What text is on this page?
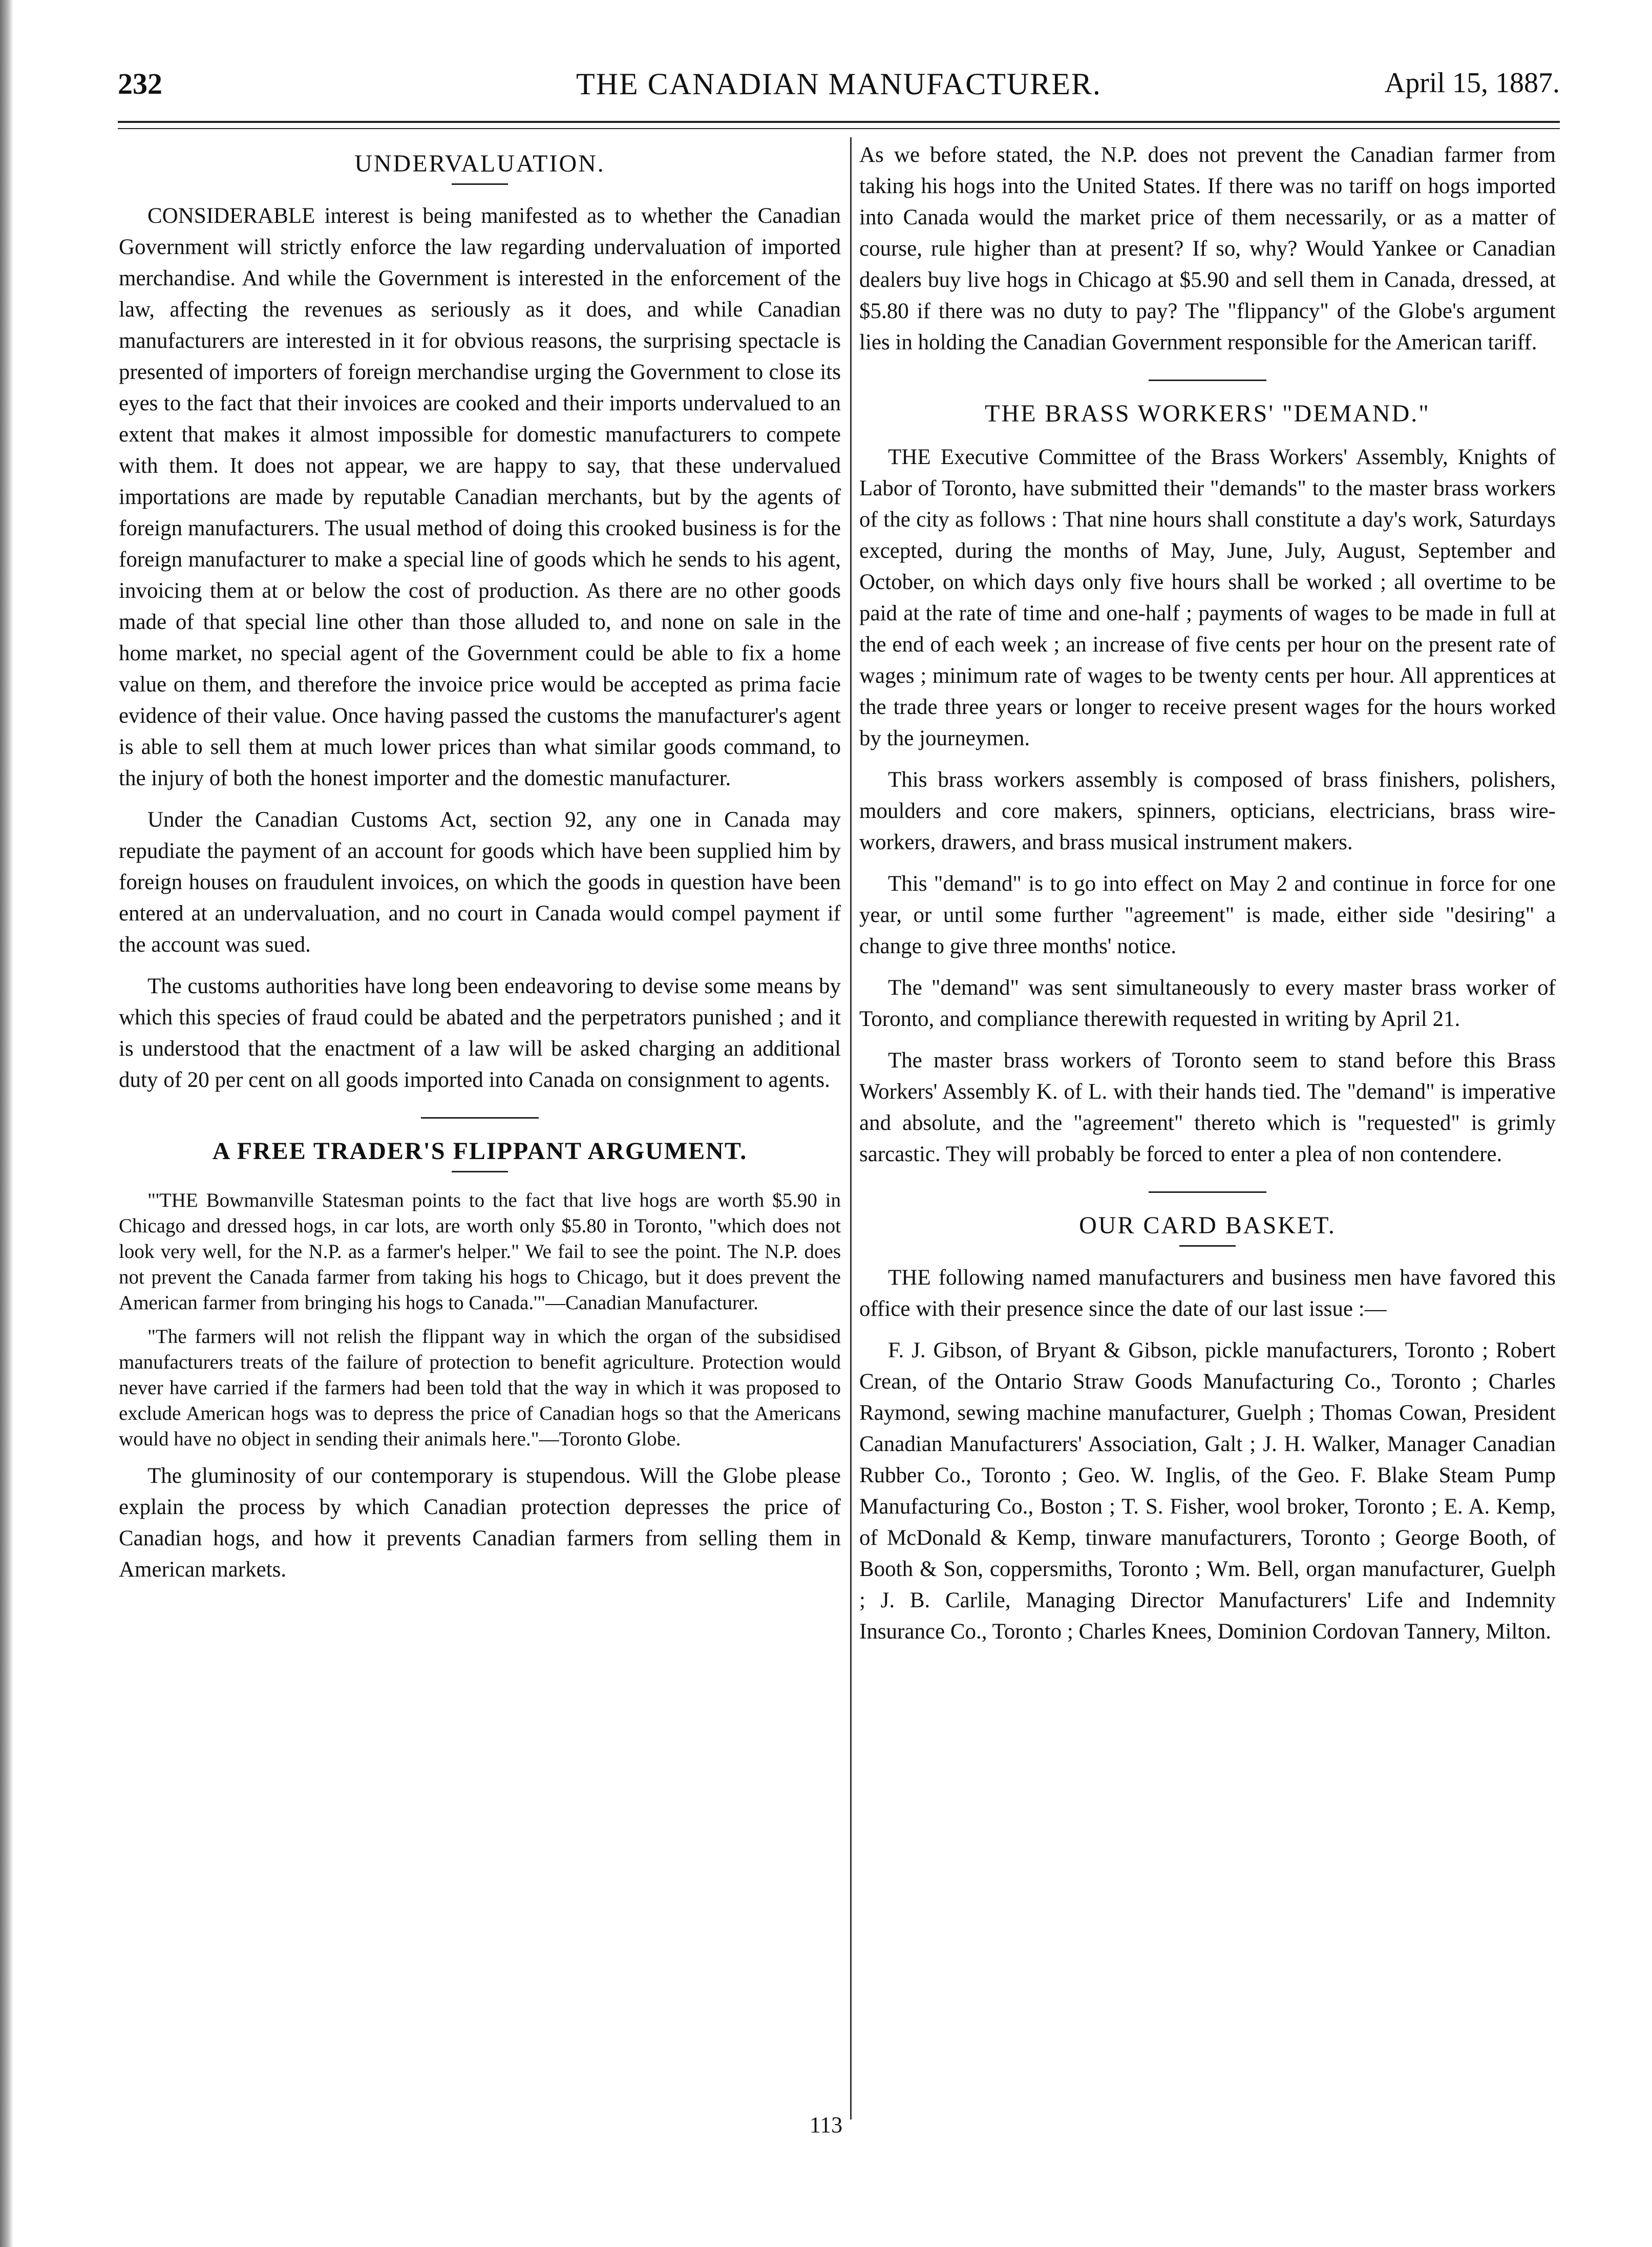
232	THE CANADIAN MANUFACTURER.	April 15, 1887.
UNDERVALUATION.

CONSIDERABLE interest is being manifested as to whether the Canadian Government will strictly enforce the law regarding undervaluation of imported merchandise. And while the Government is interested in the enforcement of the law, affecting the revenues as seriously as it does, and while Canadian manufacturers are interested in it for obvious reasons, the surprising spectacle is presented of importers of foreign merchandise urging the Government to close its eyes to the fact that their invoices are cooked and their imports undervalued to an extent that makes it almost impossible for domestic manufacturers to compete with them. It does not appear, we are happy to say, that these undervalued importations are made by reputable Canadian merchants, but by the agents of foreign manufacturers. The usual method of doing this crooked business is for the foreign manufacturer to make a special line of goods which he sends to his agent, invoicing them at or below the cost of production. As there are no other goods made of that special line other than those alluded to, and none on sale in the home market, no special agent of the Government could be able to fix a home value on them, and therefore the invoice price would be accepted as prima facie evidence of their value. Once having passed the customs the manufacturer's agent is able to sell them at much lower prices than what similar goods command, to the injury of both the honest importer and the domestic manufacturer.

Under the Canadian Customs Act, section 92, any one in Canada may repudiate the payment of an account for goods which have been supplied him by foreign houses on fraudulent invoices, on which the goods in question have been entered at an undervaluation, and no court in Canada would compel payment if the account was sued.

The customs authorities have long been endeavoring to devise some means by which this species of fraud could be abated and the perpetrators punished ; and it is understood that the enactment of a law will be asked charging an additional duty of 20 per cent on all goods imported into Canada on consignment to agents.

A FREE TRADER'S FLIPPANT ARGUMENT.

"'THE Bowmanville Statesman points to the fact that live hogs are worth $5.90 in Chicago and dressed hogs, in car lots, are worth only $5.80 in Toronto, "which does not look very well, for the N.P. as a farmer's helper." We fail to see the point. The N.P. does not prevent the Canada farmer from taking his hogs to Chicago, but it does prevent the American farmer from bringing his hogs to Canada.'"—Canadian Manufacturer.

"The farmers will not relish the flippant way in which the organ of the subsidised manufacturers treats of the failure of protection to benefit agriculture. Protection would never have carried if the farmers had been told that the way in which it was proposed to exclude American hogs was to depress the price of Canadian hogs so that the Americans would have no object in sending their animals here."—Toronto Globe.

The gluminosity of our contemporary is stupendous. Will the Globe please explain the process by which Canadian protection depresses the price of Canadian hogs, and how it prevents Canadian farmers from selling them in American markets.

As we before stated, the N.P. does not prevent the Canadian farmer from taking his hogs into the United States. If there was no tariff on hogs imported into Canada would the market price of them necessarily, or as a matter of course, rule higher than at present? If so, why? Would Yankee or Canadian dealers buy live hogs in Chicago at $5.90 and sell them in Canada, dressed, at $5.80 if there was no duty to pay? The "flippancy" of the Globe's argument lies in holding the Canadian Government responsible for the American tariff.

THE BRASS WORKERS' "DEMAND."

THE Executive Committee of the Brass Workers' Assembly, Knights of Labor of Toronto, have submitted their "demands" to the master brass workers of the city as follows : That nine hours shall constitute a day's work, Saturdays excepted, during the months of May, June, July, August, September and October, on which days only five hours shall be worked ; all overtime to be paid at the rate of time and one-half ; payments of wages to be made in full at the end of each week ; an increase of five cents per hour on the present rate of wages ; minimum rate of wages to be twenty cents per hour. All apprentices at the trade three years or longer to receive present wages for the hours worked by the journeymen.

This brass workers assembly is composed of brass finishers, polishers, moulders and core makers, spinners, opticians, electricians, brass wire-workers, drawers, and brass musical instrument makers.

This "demand" is to go into effect on May 2 and continue in force for one year, or until some further "agreement" is made, either side "desiring" a change to give three months' notice.

The "demand" was sent simultaneously to every master brass worker of Toronto, and compliance therewith requested in writing by April 21.

The master brass workers of Toronto seem to stand before this Brass Workers' Assembly K. of L. with their hands tied. The "demand" is imperative and absolute, and the "agreement" thereto which is "requested" is grimly sarcastic. They will probably be forced to enter a plea of non contendere.

OUR CARD BASKET.

THE following named manufacturers and business men have favored this office with their presence since the date of our last issue :—

F. J. Gibson, of Bryant & Gibson, pickle manufacturers, Toronto ; Robert Crean, of the Ontario Straw Goods Manufacturing Co., Toronto ; Charles Raymond, sewing machine manufacturer, Guelph ; Thomas Cowan, President Canadian Manufacturers' Association, Galt ; J. H. Walker, Manager Canadian Rubber Co., Toronto ; Geo. W. Inglis, of the Geo. F. Blake Steam Pump Manufacturing Co., Boston ; T. S. Fisher, wool broker, Toronto ; E. A. Kemp, of McDonald & Kemp, tinware manufacturers, Toronto ; George Booth, of Booth & Son, coppersmiths, Toronto ; Wm. Bell, organ manufacturer, Guelph ; J. B. Carlile, Managing Director Manufacturers' Life and Indemnity Insurance Co., Toronto ; Charles Knees, Dominion Cordovan Tannery, Milton.

113
